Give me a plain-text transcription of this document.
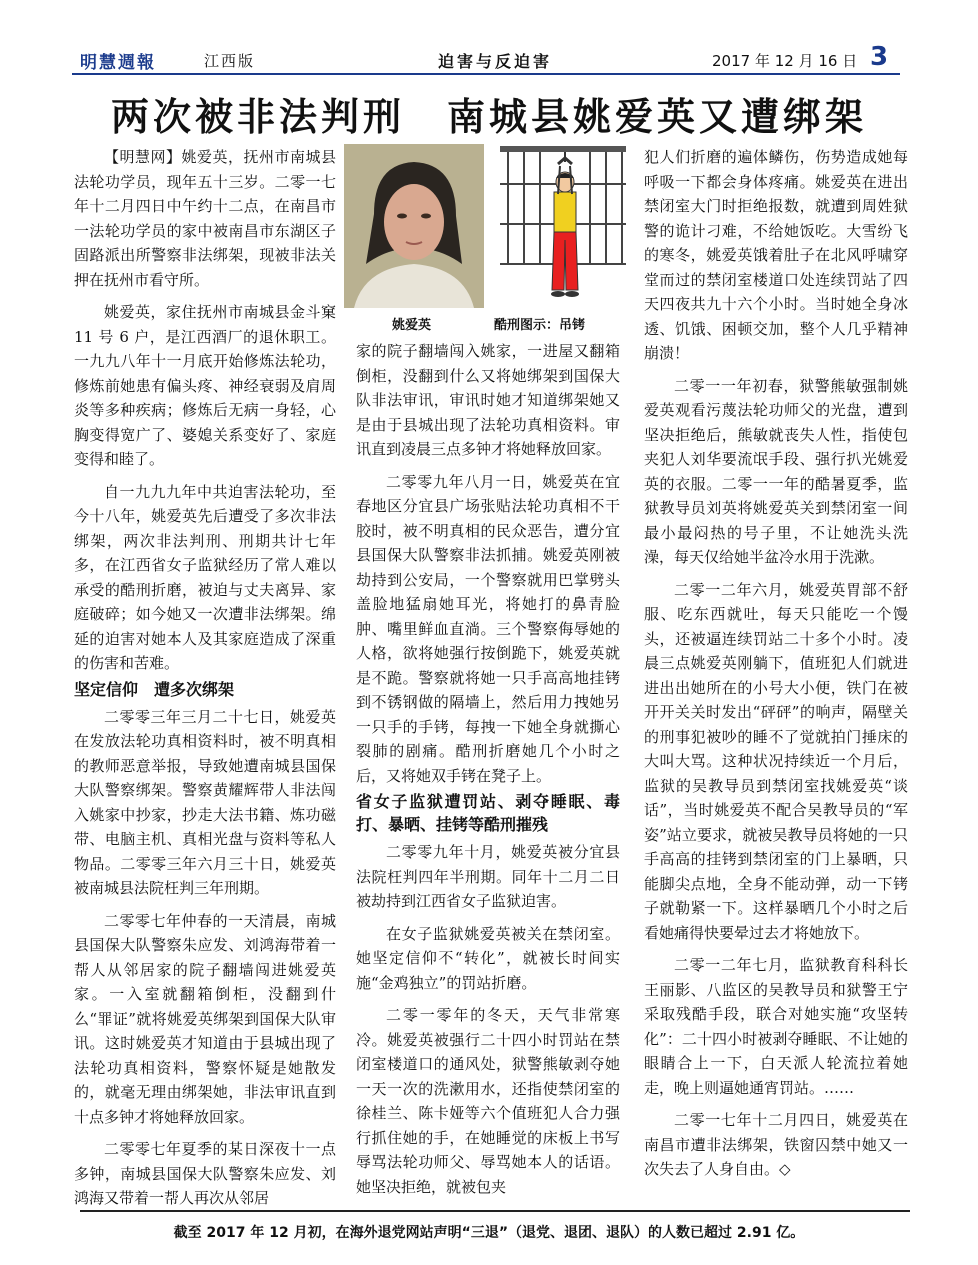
明慧週報	江西版	迫害与反迫害	2017 年 12 月 16 日 3
两次被非法判刑　南城县姚爱英又遭绑架
姚爱英	酷刑图示：吊铐

【明慧网】姚爱英，抚州市南城县法轮功学员，现年五十三岁。二零一七年十二月四日中午约十二点，在南昌市一法轮功学员的家中被南昌市东湖区子固路派出所警察非法绑架，现被非法关押在抚州市看守所。

姚爱英，家住抚州市南城县金斗窠 11 号 6 户，是江西酒厂的退休职工。一九九八年十一月底开始修炼法轮功，修炼前她患有偏头疼、神经衰弱及肩周炎等多种疾病；修炼后无病一身轻，心胸变得宽广了、婆媳关系变好了、家庭变得和睦了。

自一九九九年中共迫害法轮功，至今十八年，姚爱英先后遭受了多次非法绑架，两次非法判刑、刑期共计七年多，在江西省女子监狱经历了常人难以承受的酷刑折磨，被迫与丈夫离异、家庭破碎；如今她又一次遭非法绑架。绵延的迫害对她本人及其家庭造成了深重的伤害和苦难。

坚定信仰　遭多次绑架

二零零三年三月二十七日，姚爱英在发放法轮功真相资料时，被不明真相的教师恶意举报，导致她遭南城县国保大队警察绑架。警察黄耀辉带人非法闯入姚家中抄家，抄走大法书籍、炼功磁带、电脑主机、真相光盘与资料等私人物品。二零零三年六月三十日，姚爱英被南城县法院枉判三年刑期。

二零零七年仲春的一天清晨，南城县国保大队警察朱应发、刘鸿海带着一帮人从邻居家的院子翻墙闯进姚爱英家。一入室就翻箱倒柜，没翻到什么“罪证”就将姚爱英绑架到国保大队审讯。这时姚爱英才知道由于县城出现了法轮功真相资料，警察怀疑是她散发的，就毫无理由绑架她，非法审讯直到十点多钟才将她释放回家。

二零零七年夏季的某日深夜十一点多钟，南城县国保大队警察朱应发、刘鸿海又带着一帮人再次从邻居

家的院子翻墙闯入姚家，一进屋又翻箱倒柜，没翻到什么又将她绑架到国保大队非法审讯，审讯时她才知道绑架她又是由于县城出现了法轮功真相资料。审讯直到凌晨三点多钟才将她释放回家。

二零零九年八月一日，姚爱英在宜春地区分宜县广场张贴法轮功真相不干胶时，被不明真相的民众恶告，遭分宜县国保大队警察非法抓捕。姚爱英刚被劫持到公安局，一个警察就用巴掌劈头盖脸地猛扇她耳光，将她打的鼻青脸肿、嘴里鲜血直淌。三个警察侮辱她的人格，欲将她强行按倒跪下，姚爱英就是不跪。警察就将她一只手高高地挂铐到不锈钢做的隔墙上，然后用力拽她另一只手的手铐，每拽一下她全身就撕心裂肺的剧痛。酷刑折磨她几个小时之后，又将她双手铐在凳子上。

省女子监狱遭罚站、剥夺睡眠、毒打、暴晒、挂铐等酷刑摧残

二零零九年十月，姚爱英被分宜县法院枉判四年半刑期。同年十二月二日被劫持到江西省女子监狱迫害。

在女子监狱姚爱英被关在禁闭室。她坚定信仰不“转化”，就被长时间实施“金鸡独立”的罚站折磨。

二零一零年的冬天，天气非常寒冷。姚爱英被强行二十四小时罚站在禁闭室楼道口的通风处，狱警熊敏剥夺她一天一次的洗漱用水，还指使禁闭室的徐桂兰、陈卡娅等六个值班犯人合力强行抓住她的手，在她睡觉的床板上书写辱骂法轮功师父、辱骂她本人的话语。她坚决拒绝，就被包夹

犯人们折磨的遍体鳞伤，伤势造成她每呼吸一下都会身体疼痛。姚爱英在进出禁闭室大门时拒绝报数，就遭到周姓狱警的诡计刁难，不给她饭吃。大雪纷飞的寒冬，姚爱英饿着肚子在北风呼啸穿堂而过的禁闭室楼道口处连续罚站了四天四夜共九十六个小时。当时她全身冰透、饥饿、困顿交加，整个人几乎精神崩溃！

二零一一年初春，狱警熊敏强制姚爱英观看污蔑法轮功师父的光盘，遭到坚决拒绝后，熊敏就丧失人性，指使包夹犯人刘华要流氓手段、强行扒光姚爱英的衣服。二零一一年的酷暑夏季，监狱教导员刘英将姚爱英关到禁闭室一间最小最闷热的号子里，不让她洗头洗澡，每天仅给她半盆冷水用于洗漱。

二零一二年六月，姚爱英胃部不舒服、吃东西就吐，每天只能吃一个馒头，还被逼连续罚站二十多个小时。凌晨三点姚爱英刚躺下，值班犯人们就进进出出她所在的小号大小便，铁门在被开开关关时发出“砰砰”的响声，隔壁关的刑事犯被吵的睡不了觉就拍门捶床的大叫大骂。这种状况持续近一个月后，监狱的吴教导员到禁闭室找姚爱英“谈话”，当时姚爱英不配合吴教导员的“军姿”站立要求，就被吴教导员将她的一只手高高的挂铐到禁闭室的门上暴晒，只能脚尖点地，全身不能动弹，动一下铐子就勒紧一下。这样暴晒几个小时之后看她痛得快要晕过去才将她放下。

二零一二年七月，监狱教育科科长王丽影、八监区的吴教导员和狱警王宁采取残酷手段，联合对她实施“攻坚转化”：二十四小时被剥夺睡眠、不让她的眼睛合上一下，白天派人轮流拉着她走，晚上则逼她通宵罚站。……

二零一七年十二月四日，姚爱英在南昌市遭非法绑架，铁窗囚禁中她又一次失去了人身自由。◇

截至 2017 年 12 月初，在海外退党网站声明“三退”（退党、退团、退队）的人数已超过 2.91 亿。
